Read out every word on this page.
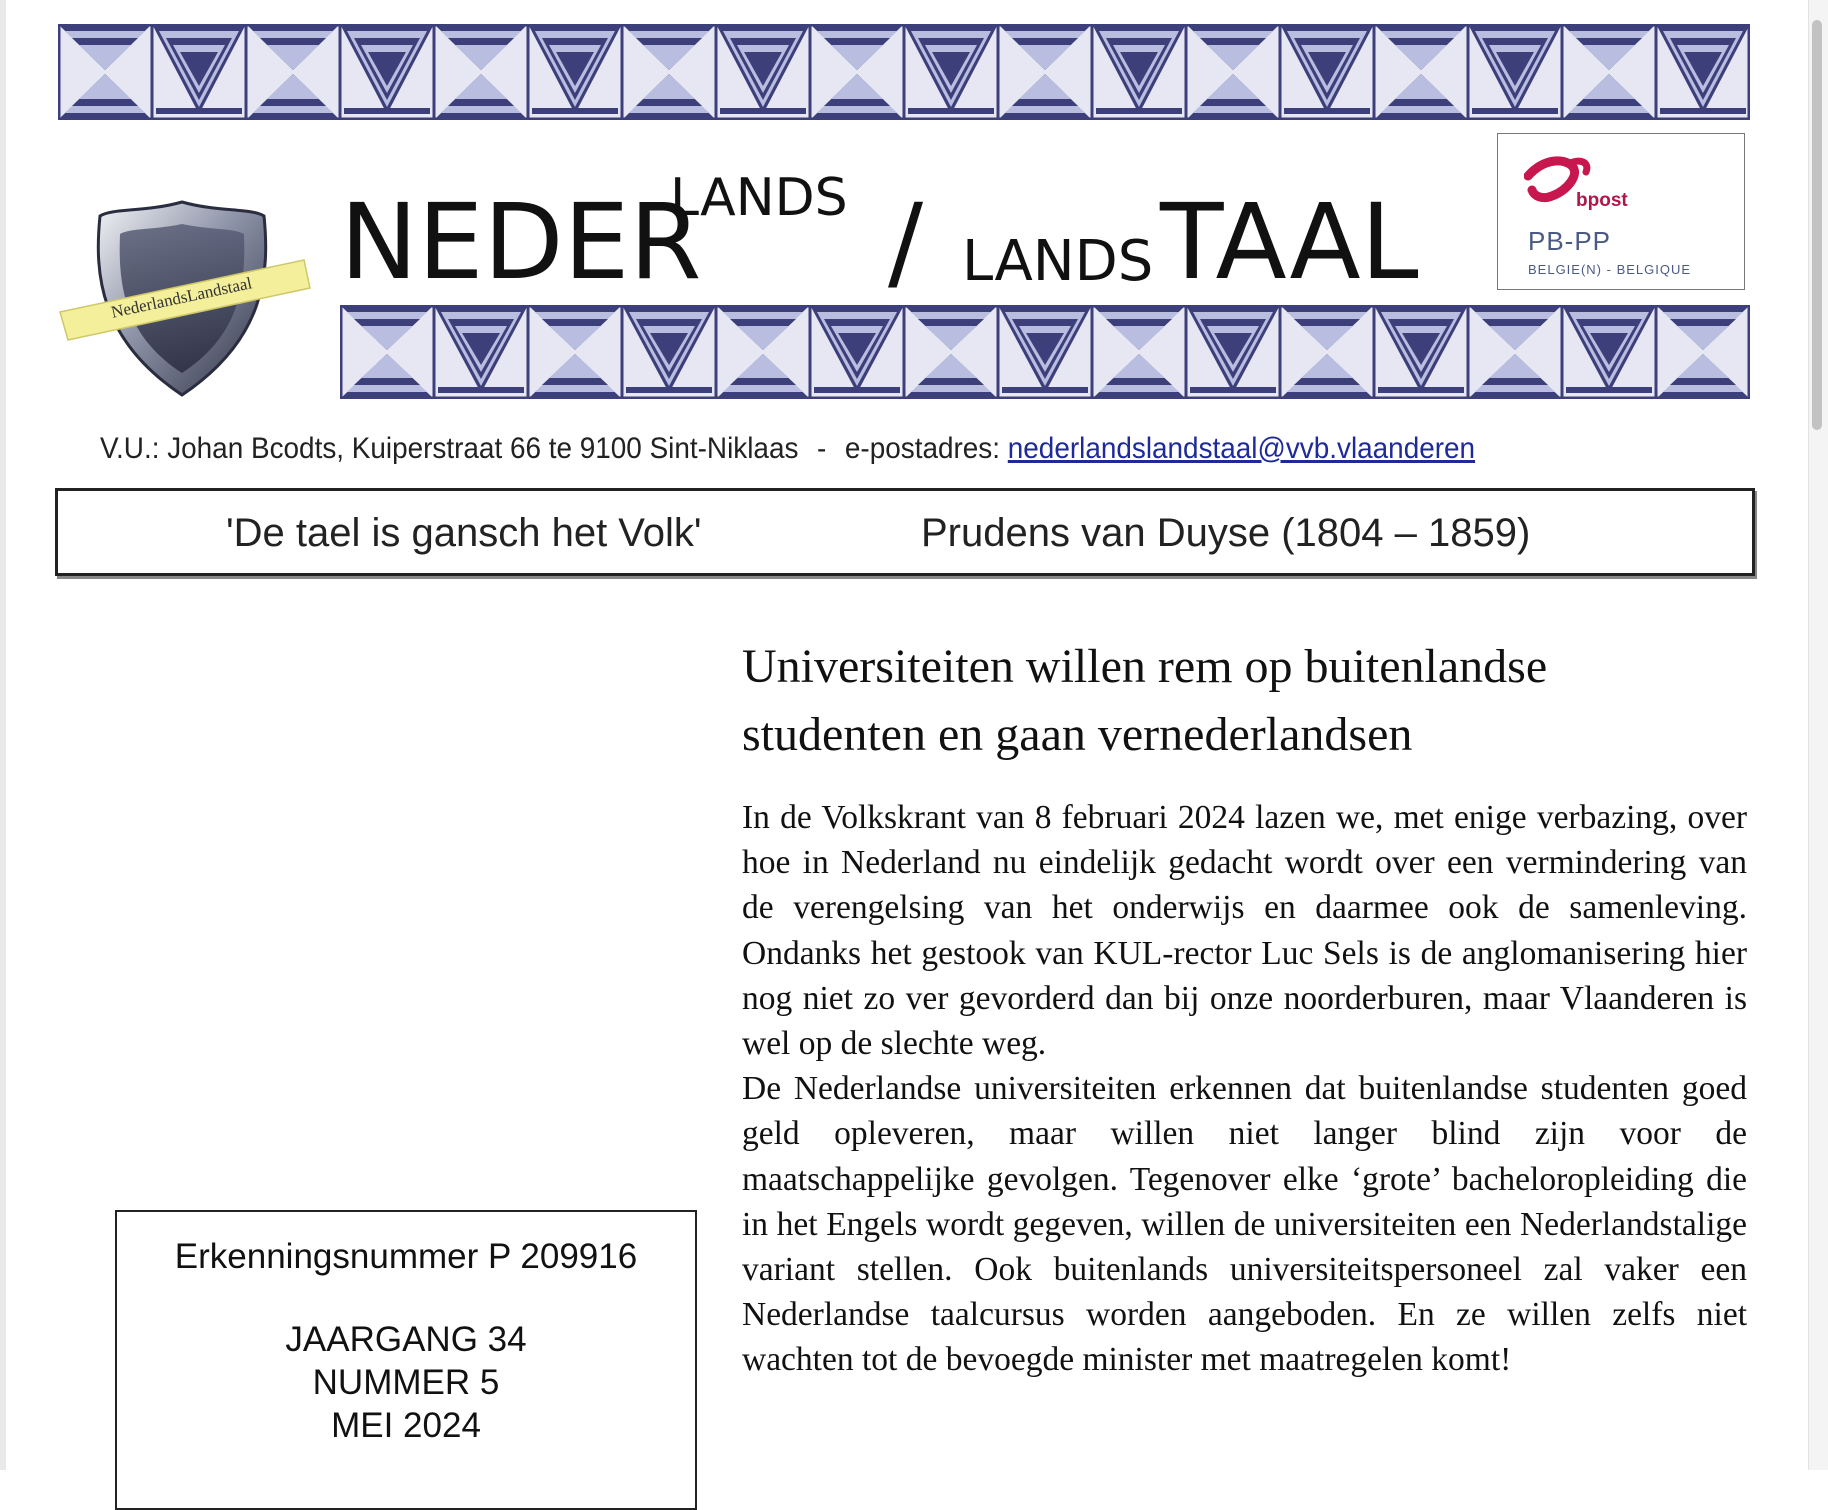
NederlandsLandstaal NEDER
LANDS / LANDS TAAL	bpost
PB-PP
BELGIE(N) - BELGIQUE
V.U.: Johan Bcodts, Kuiperstraat 66 te 9100 Sint-Niklaas - e-postadres: nederlandslandstaal@vvb.vlaanderen
'De tael is gansch het Volk'	Prudens van Duyse (1804 – 1859)
Erkenningsnummer P 209916
JAARGANG 34
NUMMER 5
MEI 2024
Universiteiten willen rem op buitenlandse
studenten en gaan vernederlandsen

In de Volkskrant van 8 februari 2024 lazen we, met enige verbazing, over hoe in Nederland nu eindelijk gedacht wordt over een vermindering van de verengelsing van het onderwijs en daarmee ook de samenleving. Ondanks het gestook van KUL-rector Luc Sels is de anglomanisering hier nog niet zo ver gevorderd dan bij onze noorderburen, maar Vlaanderen is wel op de slechte weg.

De Nederlandse universiteiten erkennen dat buitenlandse studenten goed geld opleveren, maar willen niet langer blind zijn voor de maatschappelijke gevolgen. Tegenover elke ‘grote’ bacheloropleiding die in het Engels wordt gegeven, willen de universiteiten een Nederlandstalige variant stellen. Ook buitenlands universiteitspersoneel zal vaker een Nederlandse taalcursus worden aangeboden. En ze willen zelfs niet wachten tot de bevoegde minister met maatregelen komt!
